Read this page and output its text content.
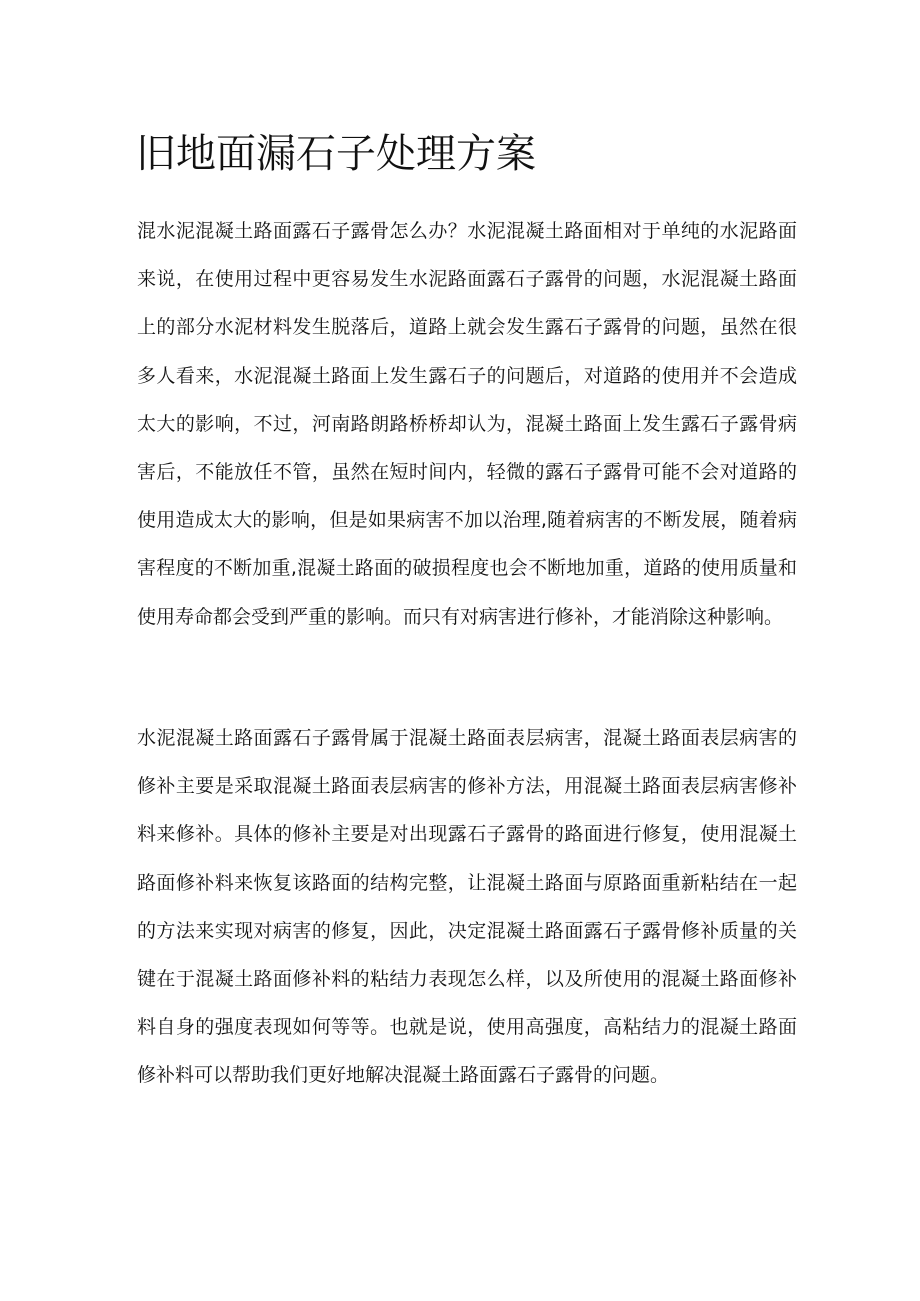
旧地面漏石子处理方案

混水泥混凝土路面露石子露骨怎么办？水泥混凝土路面相对于单纯的水泥路面来说，在使用过程中更容易发生水泥路面露石子露骨的问题，水泥混凝土路面上的部分水泥材料发生脱落后，道路上就会发生露石子露骨的问题，虽然在很多人看来，水泥混凝土路面上发生露石子的问题后，对道路的使用并不会造成太大的影响，不过，河南路朗路桥桥却认为，混凝土路面上发生露石子露骨病害后，不能放任不管，虽然在短时间内，轻微的露石子露骨可能不会对道路的使用造成太大的影响，但是如果病害不加以治理,随着病害的不断发展，随着病害程度的不断加重,混凝土路面的破损程度也会不断地加重，道路的使用质量和使用寿命都会受到严重的影响。而只有对病害进行修补，才能消除这种影响。

水泥混凝土路面露石子露骨属于混凝土路面表层病害，混凝土路面表层病害的修补主要是采取混凝土路面表层病害的修补方法，用混凝土路面表层病害修补料来修补。具体的修补主要是对出现露石子露骨的路面进行修复，使用混凝土路面修补料来恢复该路面的结构完整，让混凝土路面与原路面重新粘结在一起的方法来实现对病害的修复，因此，决定混凝土路面露石子露骨修补质量的关键在于混凝土路面修补料的粘结力表现怎么样，以及所使用的混凝土路面修补料自身的强度表现如何等等。也就是说，使用高强度，高粘结力的混凝土路面修补料可以帮助我们更好地解决混凝土路面露石子露骨的问题。
